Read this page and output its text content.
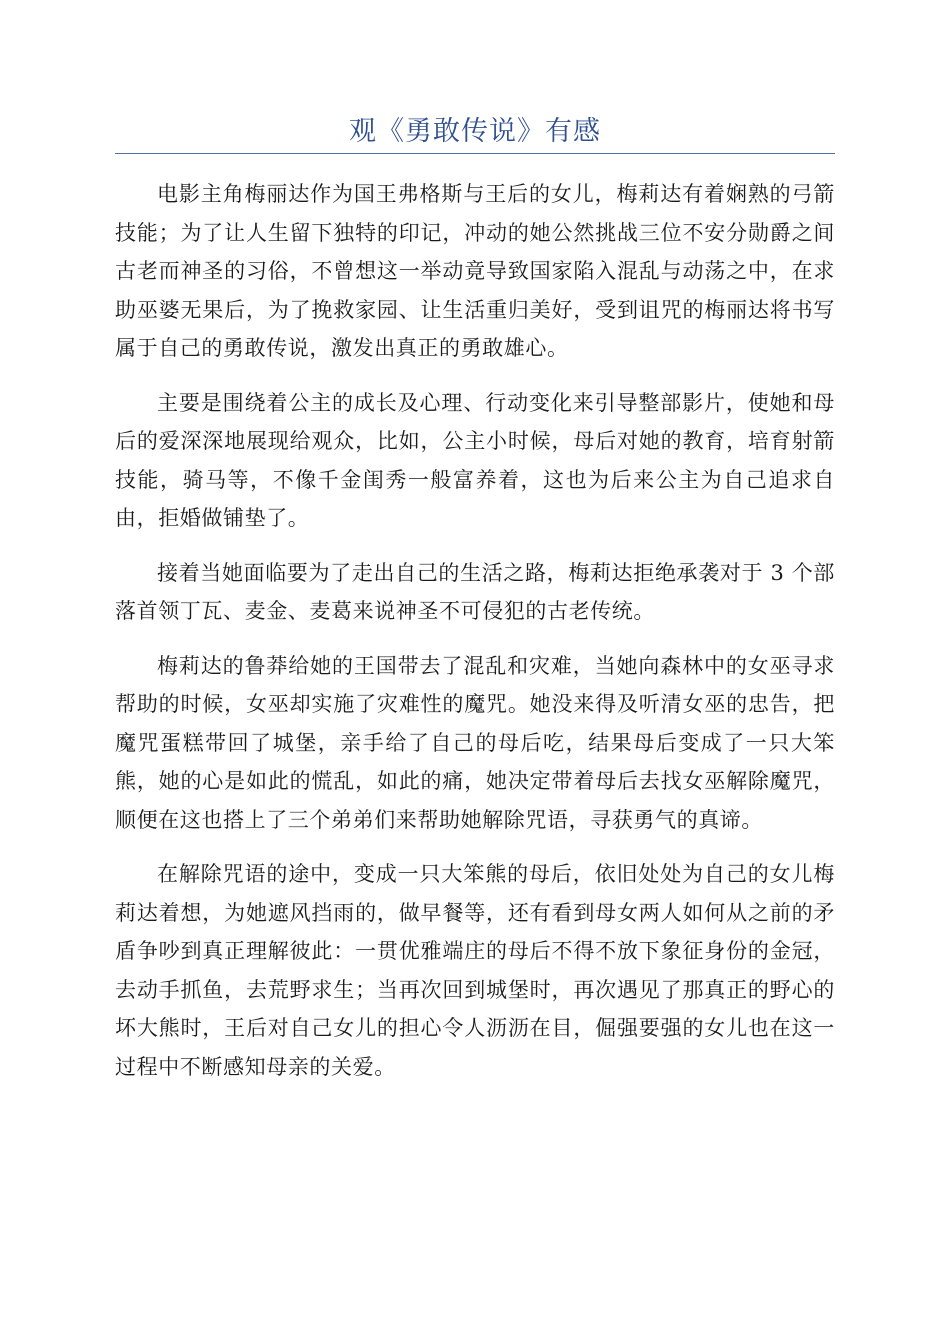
观《勇敢传说》有感

电影主角梅丽达作为国王弗格斯与王后的女儿，梅莉达有着娴熟的弓箭技能；为了让人生留下独特的印记，冲动的她公然挑战三位不安分勋爵之间古老而神圣的习俗，不曾想这一举动竟导致国家陷入混乱与动荡之中，在求助巫婆无果后，为了挽救家园、让生活重归美好，受到诅咒的梅丽达将书写属于自己的勇敢传说，激发出真正的勇敢雄心。

主要是围绕着公主的成长及心理、行动变化来引导整部影片，使她和母后的爱深深地展现给观众，比如，公主小时候，母后对她的教育，培育射箭技能，骑马等，不像千金闺秀一般富养着，这也为后来公主为自己追求自由，拒婚做铺垫了。

接着当她面临要为了走出自己的生活之路，梅莉达拒绝承袭对于 3 个部落首领丁瓦、麦金、麦葛来说神圣不可侵犯的古老传统。

梅莉达的鲁莽给她的王国带去了混乱和灾难，当她向森林中的女巫寻求帮助的时候，女巫却实施了灾难性的魔咒。她没来得及听清女巫的忠告，把魔咒蛋糕带回了城堡，亲手给了自己的母后吃，结果母后变成了一只大笨熊，她的心是如此的慌乱，如此的痛，她决定带着母后去找女巫解除魔咒，顺便在这也搭上了三个弟弟们来帮助她解除咒语，寻获勇气的真谛。

在解除咒语的途中，变成一只大笨熊的母后，依旧处处为自己的女儿梅莉达着想，为她遮风挡雨的，做早餐等，还有看到母女两人如何从之前的矛盾争吵到真正理解彼此：一贯优雅端庄的母后不得不放下象征身份的金冠，去动手抓鱼，去荒野求生；当再次回到城堡时，再次遇见了那真正的野心的坏大熊时，王后对自己女儿的担心令人沥沥在目，倔强要强的女儿也在这一过程中不断感知母亲的关爱。
